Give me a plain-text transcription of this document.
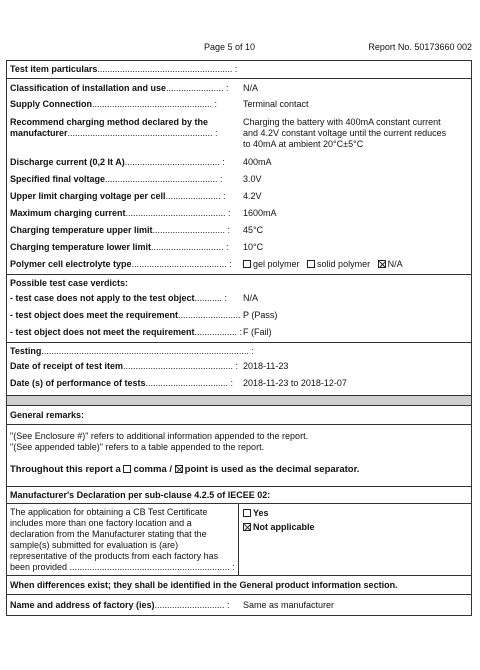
Page 5 of 10	Report No. 50173660 002
Test item particulars...................................................... :
Classification of installation and use....................... : N/A
Supply Connection................................................ :	Terminal contact
Recommend charging method declared by the
manufacturer.......................................................... :
Charging the battery with 400mA constant current
and 4.2V constant voltage until the current reduces
to 40mA at ambient 20°C±5°C
Discharge current (0,2 It A)...................................... : 400mA
Specified final voltage............................................. : 3.0V
Upper limit charging voltage per cell...................... : 4.2V
Maximum charging current........................................ : 1600mA
Charging temperature upper limit............................. : 45°C
Charging temperature lower limit............................. : 10°C
Polymer cell electrolyte type...................................... :	gel polymer solid polymer N/A
Possible test case verdicts:
- test case does not apply to the test object........... : N/A
- test object does meet the requirement......................... :
P (Pass)
- test object does not meet the requirement................. : F (Fail)
Testing................................................................................... :
Date of receipt of test item............................................ : 2018-11-23
Date (s) of performance of tests................................. : 2018-11-23 to 2018-12-07
General remarks:
"(See Enclosure #)" refers to additional information appended to the report.
"(See appended table)" refers to a table appended to the report.
Throughout this report a comma / point is used as the decimal separator.
Manufacturer's Declaration per sub-clause 4.2.5 of IECEE 02:
The application for obtaining a CB Test Certificate
includes more than one factory location and a
declaration from the Manufacturer stating that the
sample(s) submitted for evaluation is (are)
representative of the products from each factory has
been provided ................................................................ :
Yes
Not applicable
When differences exist; they shall be identified in the General product information section.
Name and address of factory (ies)............................ : Same as manufacturer
